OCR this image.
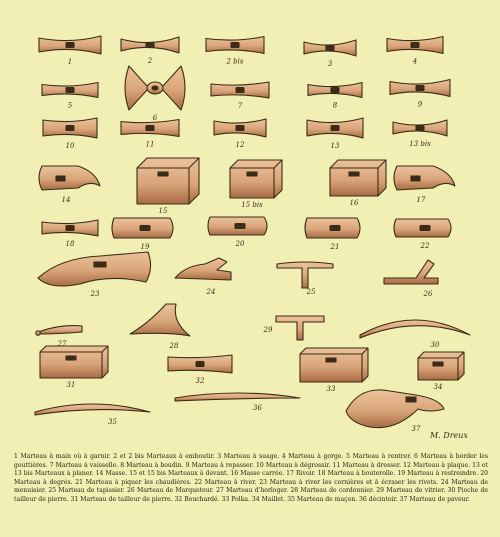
1	2	2 bis	3	4
5
6
7	8	9
10	11	12	13	13 bis
14
15
15 bis	16	17
18	19	20	21	22
23	24	25	26
27	28
29
30
31	32
33	34
35
36
37
M. Dreux

1 Marteau à main où à garnir. 2 et 2 bis Marteaux à emboutir. 3 Marteau à suage. 4 Marteau à gorge. 5 Marteau à rentrer. 6 Marteau à border les gouttières. 7 Marteau à vaisselle. 8 Marteau à boudin. 9 Marteau à repasser. 10 Marteau à dégrossir. 11 Marteau à dresser. 12 Marteau à plaque. 13 et 13 bis Marteaux à planer. 14 Masse. 15 et 15 bis Marteaux à devant. 16 Masse carrée. 17 Rivoir. 18 Marteau à bouterolle. 19 Marteau à restreindre. 20 Marteau à degrés. 21 Marteau à piquer les chaudières. 22 Marteau à river. 23 Marteau à river les cornières et à écraser les rivets. 24 Marteau de menuisier. 25 Marteau de tapissier. 26 Marteau de Marqueteur. 27 Marteau d'horloger. 28 Marteau de cordonnier. 29 Marteau de vitrier. 30 Pioche de tailleur de pierre. 31 Marteau de tailleur de pierre. 32 Bouchardé. 33 Polka. 34 Maillet. 35 Marteau de maçon. 36 décintoir. 37 Marteau de paveur.
